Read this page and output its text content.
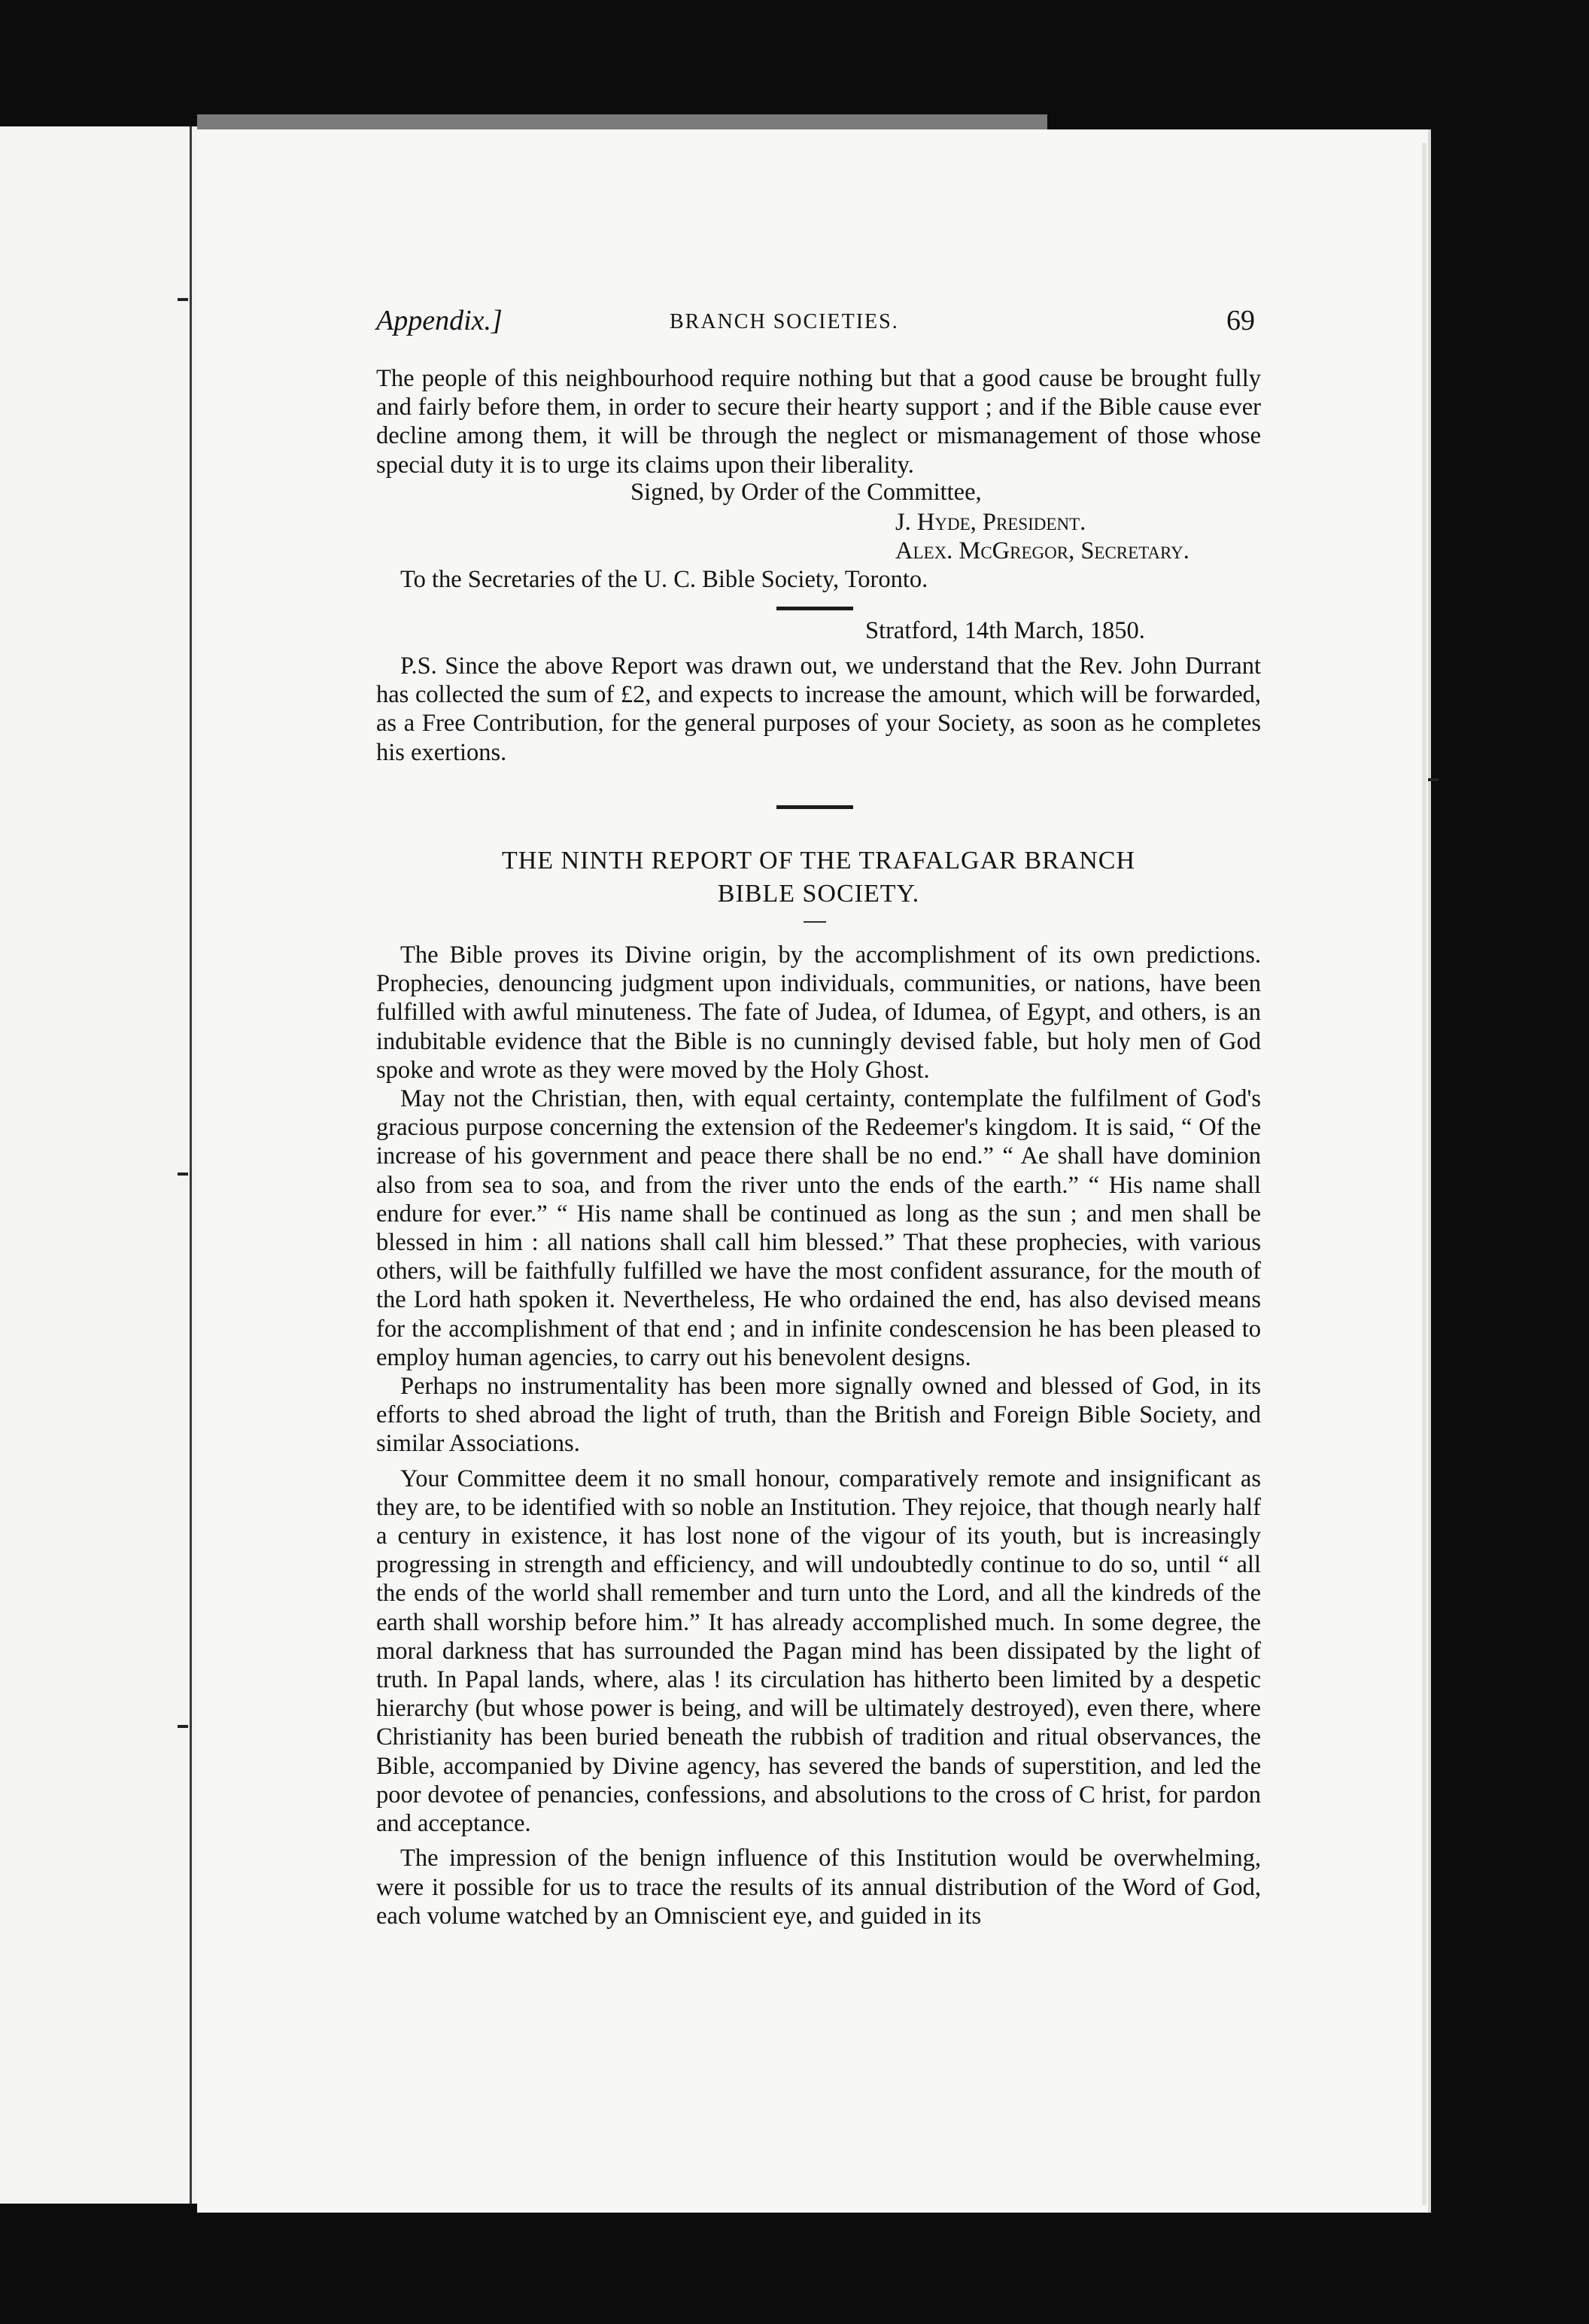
Appendix.]	BRANCH SOCIETIES.	69

The people of this neighbourhood require nothing but that a good cause be brought fully and fairly before them, in order to secure their hearty support ; and if the Bible cause ever decline among them, it will be through the neglect or mismanagement of those whose special duty it is to urge its claims upon their liberality.

Signed, by Order of the Committee,
J. Hyde, President.
Alex. McGregor, Secretary.
To the Secretaries of the U. C. Bible Society, Toronto.
Stratford, 14th March, 1850.

P.S. Since the above Report was drawn out, we understand that the Rev. John Durrant has collected the sum of £2, and expects to increase the amount, which will be forwarded, as a Free Contribution, for the general purposes of your Society, as soon as he completes his exertions.

THE NINTH REPORT OF THE TRAFALGAR BRANCH
BIBLE SOCIETY.

The Bible proves its Divine origin, by the accomplishment of its own predictions. Prophecies, denouncing judgment upon individuals, communities, or nations, have been fulfilled with awful minuteness. The fate of Judea, of Idumea, of Egypt, and others, is an indubitable evidence that the Bible is no cunningly devised fable, but holy men of God spoke and wrote as they were moved by the Holy Ghost.

May not the Christian, then, with equal certainty, contemplate the fulfilment of God's gracious purpose concerning the extension of the Redeemer's kingdom. It is said, “ Of the increase of his government and peace there shall be no end.” “ Ae shall have dominion also from sea to soa, and from the river unto the ends of the earth.” “ His name shall endure for ever.” “ His name shall be continued as long as the sun ; and men shall be blessed in him : all nations shall call him blessed.” That these prophecies, with various others, will be faithfully fulfilled we have the most confident assurance, for the mouth of the Lord hath spoken it. Nevertheless, He who ordained the end, has also devised means for the accomplishment of that end ; and in infinite condescension he has been pleased to employ human agencies, to carry out his benevolent designs.

Perhaps no instrumentality has been more signally owned and blessed of God, in its efforts to shed abroad the light of truth, than the British and Foreign Bible Society, and similar Associations.

Your Committee deem it no small honour, comparatively remote and insignificant as they are, to be identified with so noble an Institution. They rejoice, that though nearly half a century in existence, it has lost none of the vigour of its youth, but is increasingly progressing in strength and efficiency, and will undoubtedly continue to do so, until “ all the ends of the world shall remember and turn unto the Lord, and all the kindreds of the earth shall worship before him.” It has already accomplished much. In some degree, the moral darkness that has surrounded the Pagan mind has been dissipated by the light of truth. In Papal lands, where, alas ! its circulation has hitherto been limited by a despetic hierarchy (but whose power is being, and will be ultimately destroyed), even there, where Christianity has been buried beneath the rubbish of tradition and ritual observances, the Bible, accompanied by Divine agency, has severed the bands of superstition, and led the poor devotee of penancies, confessions, and absolutions to the cross of C hrist, for pardon and acceptance.

The impression of the benign influence of this Institution would be overwhelming, were it possible for us to trace the results of its annual distribution of the Word of God, each volume watched by an Omniscient eye, and guided in its
